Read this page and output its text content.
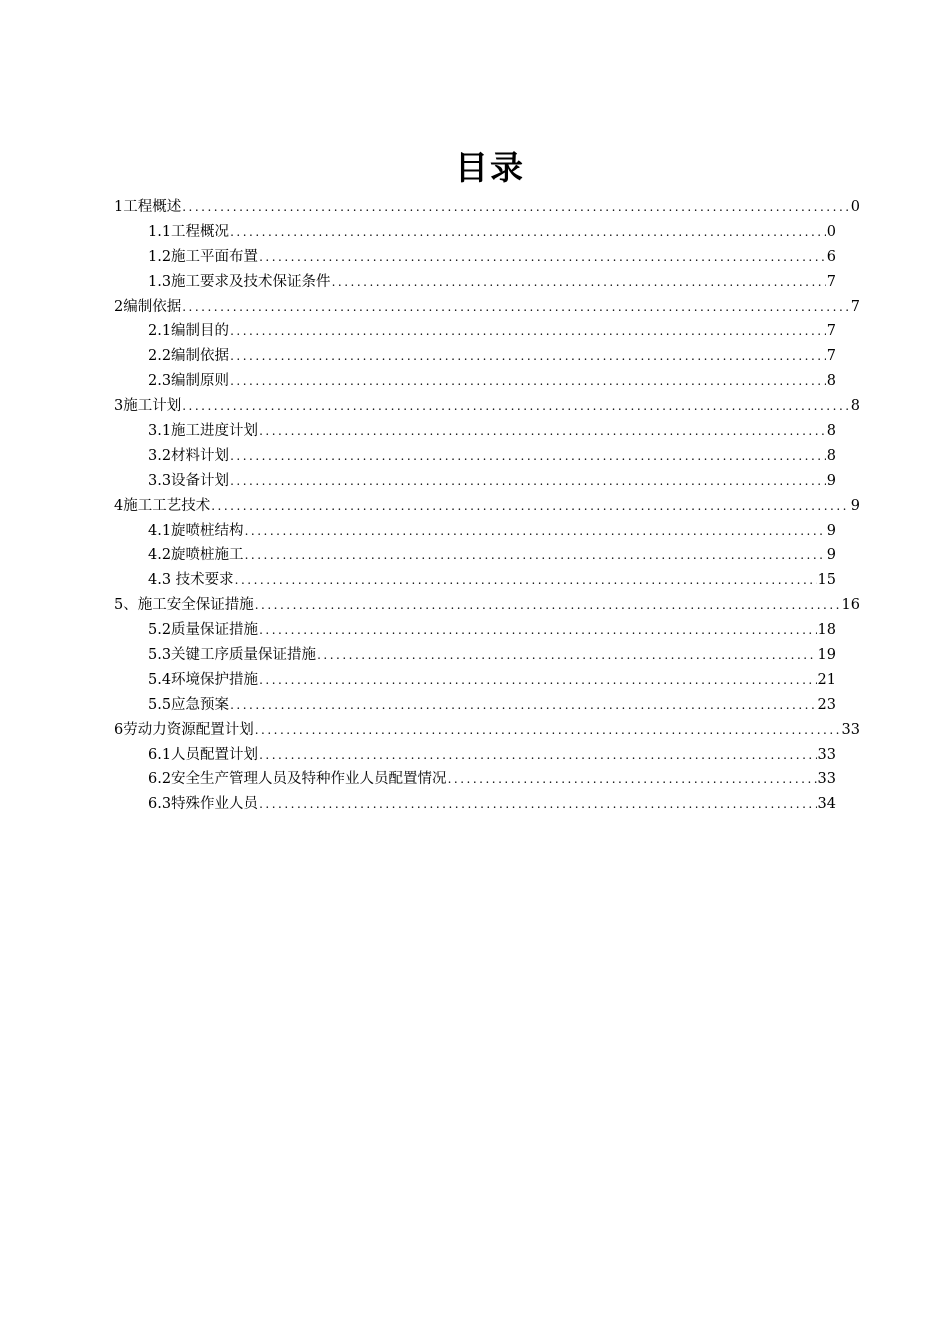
目录
1工程概述 .....	0
1.1工程概况 .....	0
1.2施工平面布置 .....	6
1.3施工要求及技术保证条件 .....	7
2编制依据 .....	7
2.1编制目的 .....	7
2.2编制依据 .....	7
2.3编制原则 .....	8
3施工计划 .....	8
3.1施工进度计划 .....	8
3.2材料计划 .....	8
3.3设备计划 .....	9
4施工工艺技术 .....	9
4.1旋喷桩结构 .....	9
4.2旋喷桩施工 .....	9
4.3 技术要求 .....	15
5、施工安全保证措施 .....	16
5.2质量保证措施 .....	18
5.3关键工序质量保证措施 .....	19
5.4环境保护措施 .....	21
5.5应急预案 .....	23
6劳动力资源配置计划 .....	33
6.1人员配置计划 .....	33
6.2安全生产管理人员及特种作业人员配置情况 .....	33
6.3特殊作业人员 .....	34
